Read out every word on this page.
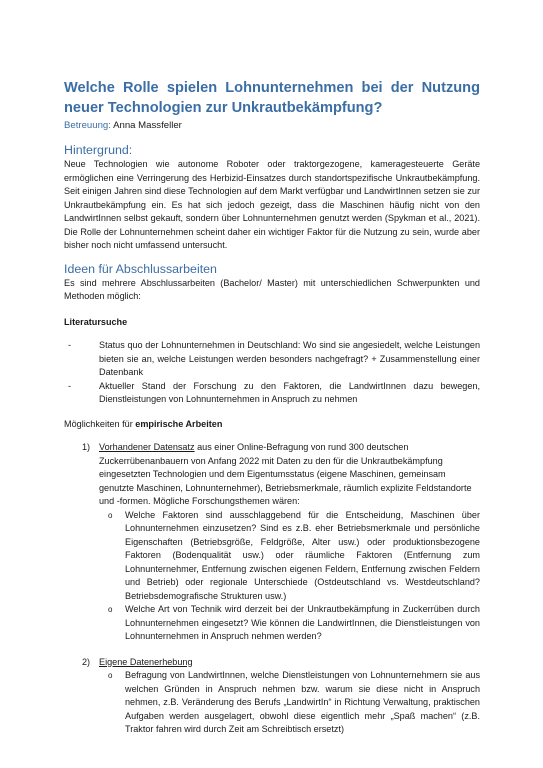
Welche Rolle spielen Lohnunternehmen bei der Nutzung neuer Technologien zur Unkrautbekämpfung?
Betreuung: Anna Massfeller
Hintergrund:

Neue Technologien wie autonome Roboter oder traktorgezogene, kameragesteuerte Geräte ermöglichen eine Verringerung des Herbizid-Einsatzes durch standortspezifische Unkrautbekämpfung. Seit einigen Jahren sind diese Technologien auf dem Markt verfügbar und LandwirtInnen setzen sie zur Unkrautbekämpfung ein. Es hat sich jedoch gezeigt, dass die Maschinen häufig nicht von den LandwirtInnen selbst gekauft, sondern über Lohnunternehmen genutzt werden (Spykman et al., 2021). Die Rolle der Lohnunternehmen scheint daher ein wichtiger Faktor für die Nutzung zu sein, wurde aber bisher noch nicht umfassend untersucht.

Ideen für Abschlussarbeiten

Es sind mehrere Abschlussarbeiten (Bachelor/ Master) mit unterschiedlichen Schwerpunkten und Methoden möglich:

Literatursuche
-	Status quo der Lohnunternehmen in Deutschland: Wo sind sie angesiedelt, welche Leistungen bieten sie an, welche Leistungen werden besonders nachgefragt? + Zusammenstellung einer Datenbank
-	Aktueller Stand der Forschung zu den Faktoren, die LandwirtInnen dazu bewegen, Dienstleistungen von Lohnunternehmen in Anspruch zu nehmen
Möglichkeiten für empirische Arbeiten
1) Vorhandener Datensatz aus einer Online-Befragung von rund 300 deutschen Zuckerrübenanbauern von Anfang 2022 mit Daten zu den für die Unkrautbekämpfung eingesetzten Technologien und dem Eigentumsstatus (eigene Maschinen, gemeinsam genutzte Maschinen, Lohnunternehmer), Betriebsmerkmale, räumlich explizite Feldstandorte und -formen. Mögliche Forschungsthemen wären:
o Welche Faktoren sind ausschlaggebend für die Entscheidung, Maschinen über Lohnunternehmen einzusetzen? Sind es z.B. eher Betriebsmerkmale und persönliche Eigenschaften (Betriebsgröße, Feldgröße, Alter usw.) oder produktionsbezogene Faktoren (Bodenqualität usw.) oder räumliche Faktoren (Entfernung zum Lohnunternehmer, Entfernung zwischen eigenen Feldern, Entfernung zwischen Feldern und Betrieb) oder regionale Unterschiede (Ostdeutschland vs. Westdeutschland? Betriebsdemografische Strukturen usw.)
o Welche Art von Technik wird derzeit bei der Unkrautbekämpfung in Zuckerrüben durch Lohnunternehmen eingesetzt? Wie können die LandwirtInnen, die Dienstleistungen von Lohnunternehmen in Anspruch nehmen werden?
2) Eigene Datenerhebung
o Befragung von LandwirtInnen, welche Dienstleistungen von Lohnunternehmern sie aus welchen Gründen in Anspruch nehmen bzw. warum sie diese nicht in Anspruch nehmen, z.B. Veränderung des Berufs „LandwirtIn“ in Richtung Verwaltung, praktischen Aufgaben werden ausgelagert, obwohl diese eigentlich mehr „Spaß machen“ (z.B. Traktor fahren wird durch Zeit am Schreibtisch ersetzt)
